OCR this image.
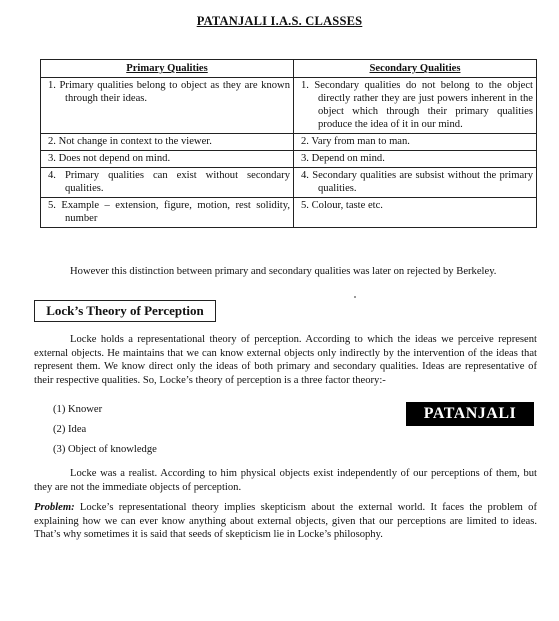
PATANJALI I.A.S. CLASSES
Primary Qualities	Secondary Qualities

1. Primary qualities belong to object as they are known through their ideas.	1. Secondary qualities do not belong to the object directly rather they are just powers inherent in the object which through their primary qualities produce the idea of it in our mind.

2. Not change in context to the viewer.	2. Vary from man to man.

3. Does not depend on mind.	3. Depend on mind.

4. Primary qualities can exist without secondary qualities.	4. Secondary qualities are subsist without the primary qualities.

5. Example – extension, figure, motion, rest solidity, number	5. Colour, taste etc.
However this distinction between primary and secondary qualities was later on rejected by Berkeley.
Lock’s Theory of Perception
Locke holds a representational theory of perception. According to which the ideas we perceive represent external objects. He maintains that we can know external objects only indirectly by the intervention of the ideas that represent them. We know direct only the ideas of both primary and secondary qualities. Ideas are representative of their respective qualities. So, Locke’s theory of perception is a three factor theory:-
(1) Knower
(2) Idea
(3) Object of knowledge
PATANJALI
Locke was a realist. According to him physical objects exist independently of our perceptions of them, but they are not the immediate objects of perception.
Problem: Locke’s representational theory implies skepticism about the external world. It faces the problem of explaining how we can ever know anything about external objects, given that our perceptions are limited to ideas. That’s why sometimes it is said that seeds of skepticism lie in Locke’s philosophy.
